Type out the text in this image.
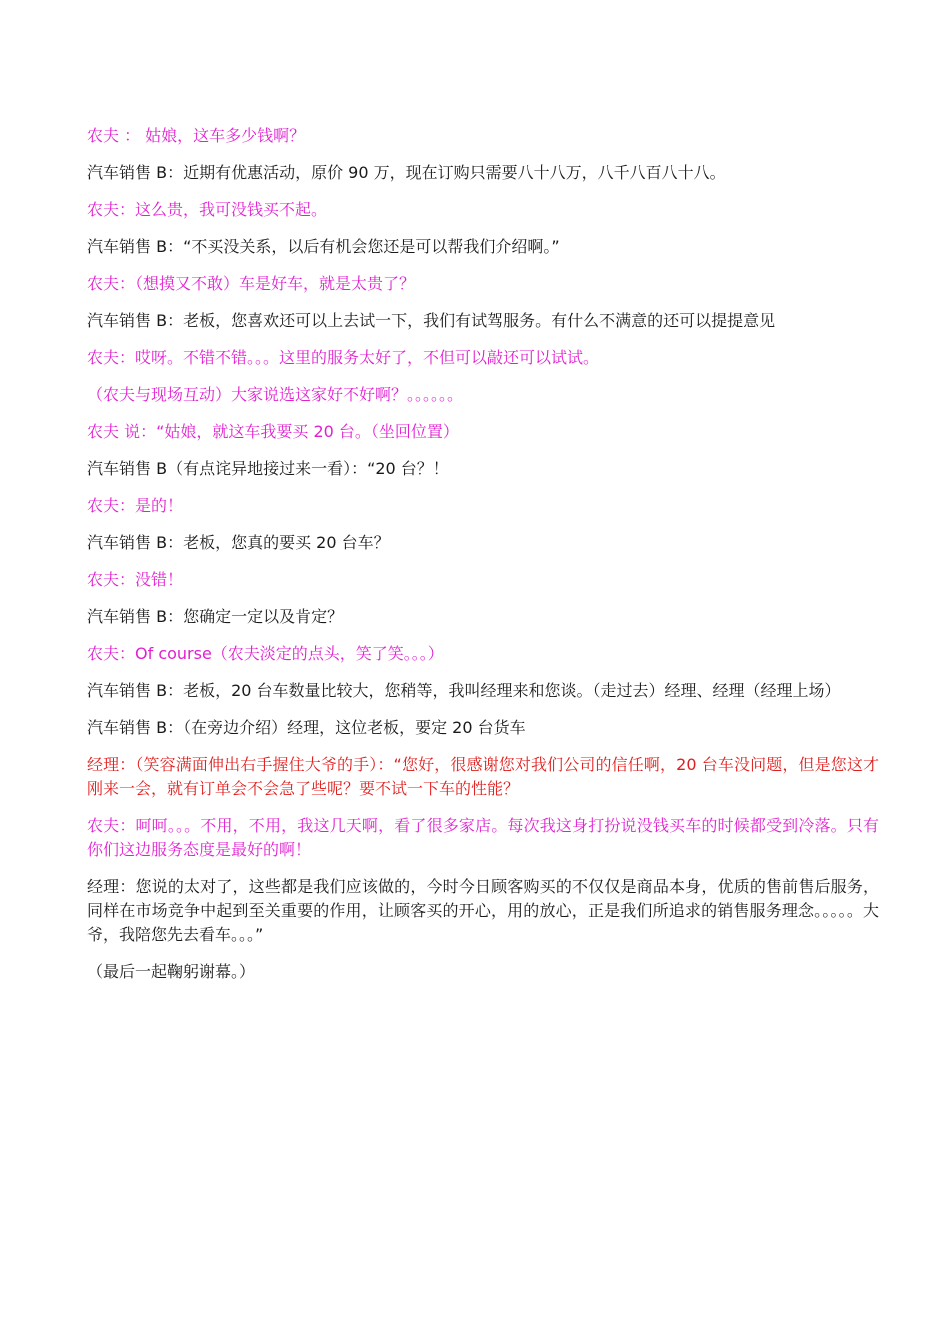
农夫 ： 姑娘，这车多少钱啊？

汽车销售 B：近期有优惠活动，原价 90 万，现在订购只需要八十八万，八千八百八十八。

农夫：这么贵，我可没钱买不起。

汽车销售 B：“不买没关系，以后有机会您还是可以帮我们介绍啊。”

农夫：（想摸又不敢）车是好车，就是太贵了？

汽车销售 B：老板，您喜欢还可以上去试一下，我们有试驾服务。有什么不满意的还可以提提意见

农夫：哎呀。不错不错。。。这里的服务太好了，不但可以敲还可以试试。

（农夫与现场互动）大家说选这家好不好啊？。。。。。。

农夫 说：“姑娘，就这车我要买 20 台。（坐回位置）

汽车销售 B（有点诧异地接过来一看）：“20 台？！

农夫：是的！

汽车销售 B：老板，您真的要买 20 台车？

农夫：没错！

汽车销售 B：您确定一定以及肯定？

农夫：Of course（农夫淡定的点头，笑了笑。。。）

汽车销售 B：老板，20 台车数量比较大，您稍等，我叫经理来和您谈。（走过去）经理、经理（经理上场）

汽车销售 B：（在旁边介绍）经理，这位老板，要定 20 台货车

经理：（笑容满面伸出右手握住大爷的手）：“您好，很感谢您对我们公司的信任啊，20 台车没问题，但是您这才刚来一会，就有订单会不会急了些呢？要不试一下车的性能？

农夫：呵呵。。。不用，不用，我这几天啊，看了很多家店。每次我这身打扮说没钱买车的时候都受到冷落。只有你们这边服务态度是最好的啊！

经理：您说的太对了，这些都是我们应该做的，今时今日顾客购买的不仅仅是商品本身，优质的售前售后服务，同样在市场竞争中起到至关重要的作用，让顾客买的开心，用的放心，正是我们所追求的销售服务理念。。。。。大爷，我陪您先去看车。。。”

（最后一起鞠躬谢幕。）
